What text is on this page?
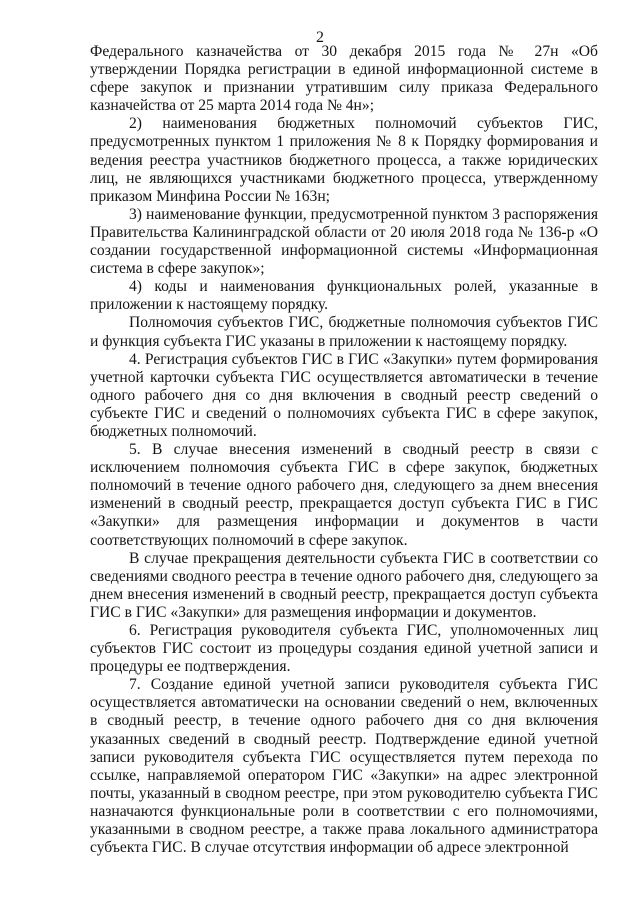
2

Федерального казначейства от 30 декабря 2015 года № 27н «Об утверждении Порядка регистрации в единой информационной системе в сфере закупок и признании утратившим силу приказа Федерального казначейства от 25 марта 2014 года № 4н»;

2) наименования бюджетных полномочий субъектов ГИС, предусмотренных пунктом 1 приложения № 8 к Порядку формирования и ведения реестра участников бюджетного процесса, а также юридических лиц, не являющихся участниками бюджетного процесса, утвержденному приказом Минфина России № 163н;

3) наименование функции, предусмотренной пунктом 3 распоряжения Правительства Калининградской области от 20 июля 2018 года № 136-р «О создании государственной информационной системы «Информационная система в сфере закупок»;

4) коды и наименования функциональных ролей, указанные в приложении к настоящему порядку.

Полномочия субъектов ГИС, бюджетные полномочия субъектов ГИС и функция субъекта ГИС указаны в приложении к настоящему порядку.

4. Регистрация субъектов ГИС в ГИС «Закупки» путем формирования учетной карточки субъекта ГИС осуществляется автоматически в течение одного рабочего дня со дня включения в сводный реестр сведений о субъекте ГИС и сведений о полномочиях субъекта ГИС в сфере закупок, бюджетных полномочий.

5. В случае внесения изменений в сводный реестр в связи с исключением полномочия субъекта ГИС в сфере закупок, бюджетных полномочий в течение одного рабочего дня, следующего за днем внесения изменений в сводный реестр, прекращается доступ субъекта ГИС в ГИС «Закупки» для размещения информации и документов в части соответствующих полномочий в сфере закупок.

В случае прекращения деятельности субъекта ГИС в соответствии со сведениями сводного реестра в течение одного рабочего дня, следующего за днем внесения изменений в сводный реестр, прекращается доступ субъекта ГИС в ГИС «Закупки» для размещения информации и документов.

6. Регистрация руководителя субъекта ГИС, уполномоченных лиц субъектов ГИС состоит из процедуры создания единой учетной записи и процедуры ее подтверждения.

7. Создание единой учетной записи руководителя субъекта ГИС осуществляется автоматически на основании сведений о нем, включенных в сводный реестр, в течение одного рабочего дня со дня включения указанных сведений в сводный реестр. Подтверждение единой учетной записи руководителя субъекта ГИС осуществляется путем перехода по ссылке, направляемой оператором ГИС «Закупки» на адрес электронной почты, указанный в сводном реестре, при этом руководителю субъекта ГИС назначаются функциональные роли в соответствии с его полномочиями, указанными в сводном реестре, а также права локального администратора субъекта ГИС. В случае отсутствия информации об адресе электронной
